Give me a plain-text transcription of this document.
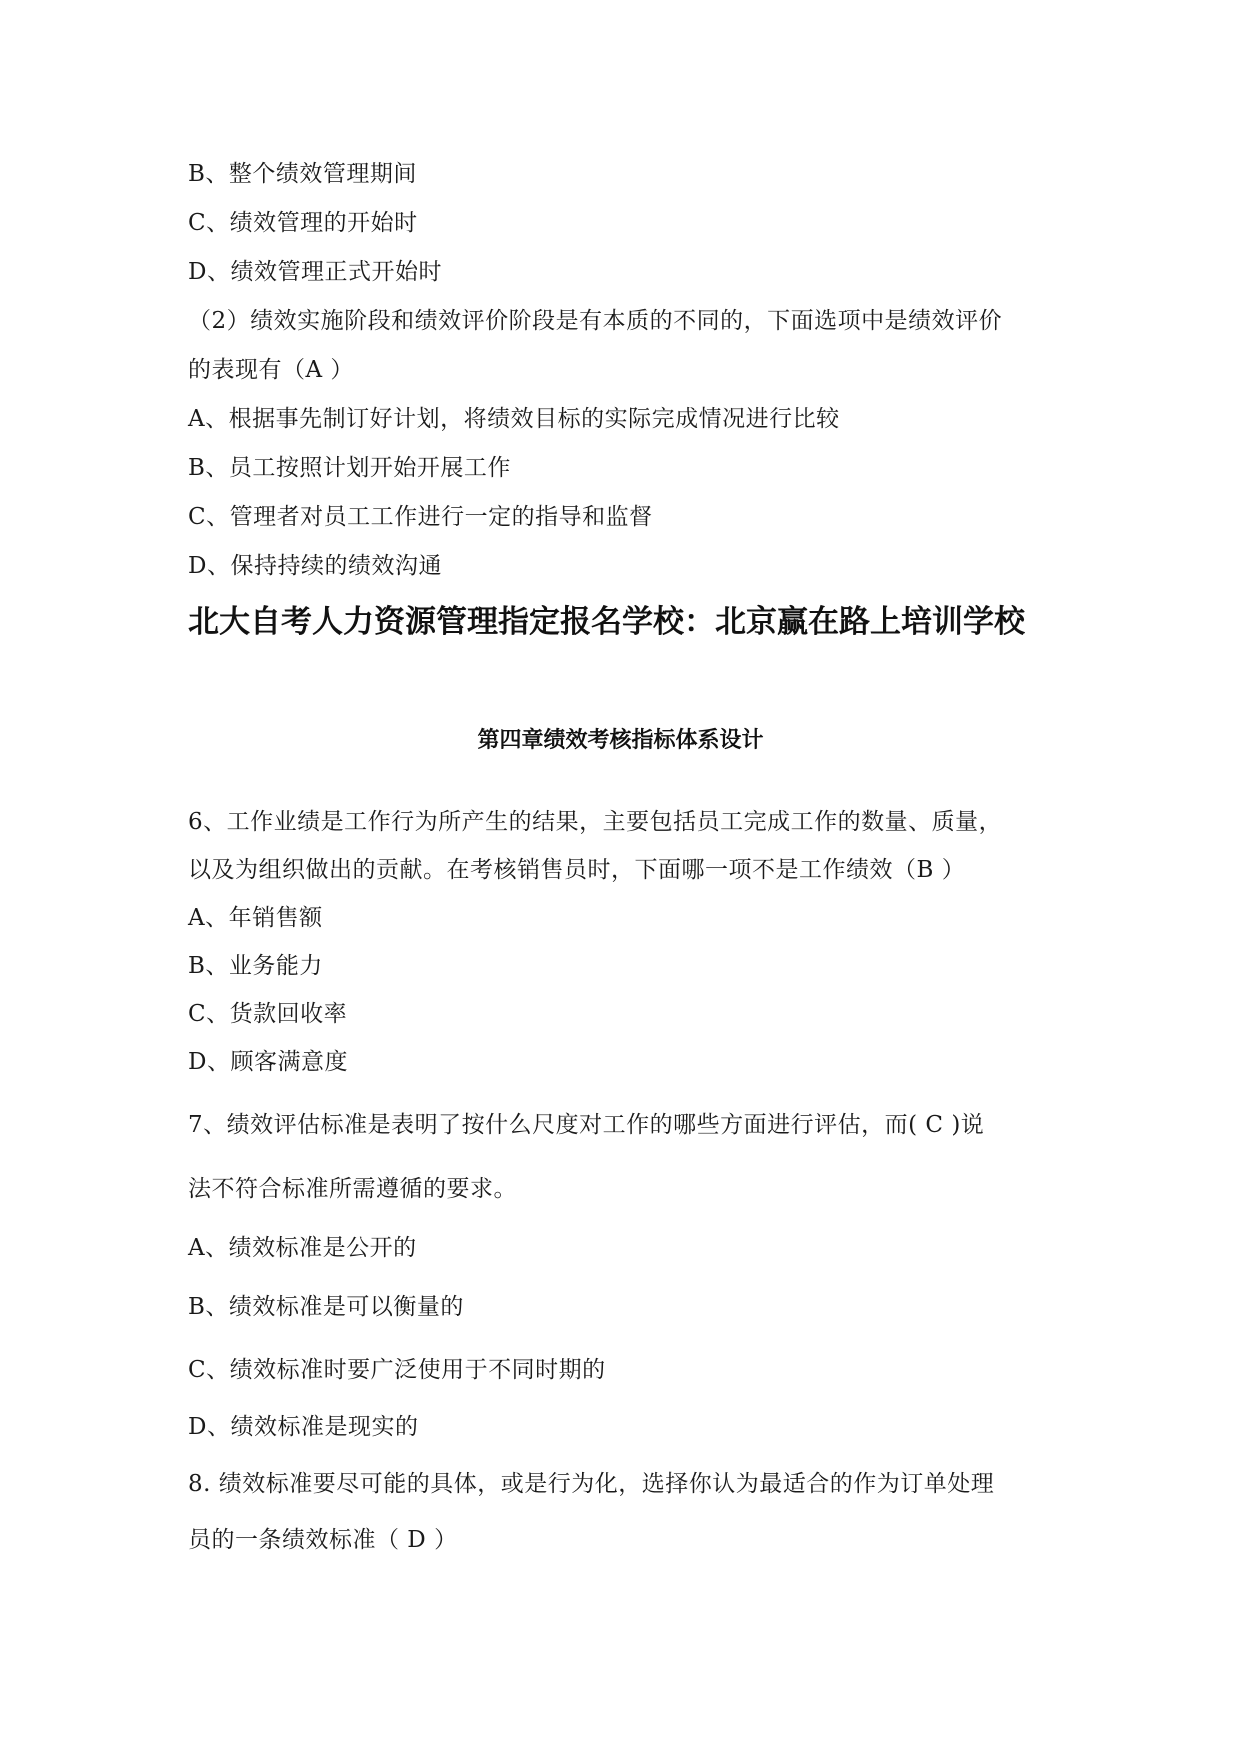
B、整个绩效管理期间
C、绩效管理的开始时
D、绩效管理正式开始时
（2）绩效实施阶段和绩效评价阶段是有本质的不同的，下面选项中是绩效评价
的表现有（A ）
A、根据事先制订好计划，将绩效目标的实际完成情况进行比较
B、员工按照计划开始开展工作
C、管理者对员工工作进行一定的指导和监督
D、保持持续的绩效沟通
北大自考人力资源管理指定报名学校：北京赢在路上培训学校
第四章绩效考核指标体系设计
6、工作业绩是工作行为所产生的结果，主要包括员工完成工作的数量、质量，
以及为组织做出的贡献。在考核销售员时，下面哪一项不是工作绩效（B ）
A、年销售额
B、业务能力
C、货款回收率
D、顾客满意度
7、绩效评估标准是表明了按什么尺度对工作的哪些方面进行评估，而( C )说
法不符合标准所需遵循的要求。
A、绩效标准是公开的
B、绩效标准是可以衡量的
C、绩效标准时要广泛使用于不同时期的
D、绩效标准是现实的
8. 绩效标准要尽可能的具体，或是行为化，选择你认为最适合的作为订单处理
员的一条绩效标准（ D ）
